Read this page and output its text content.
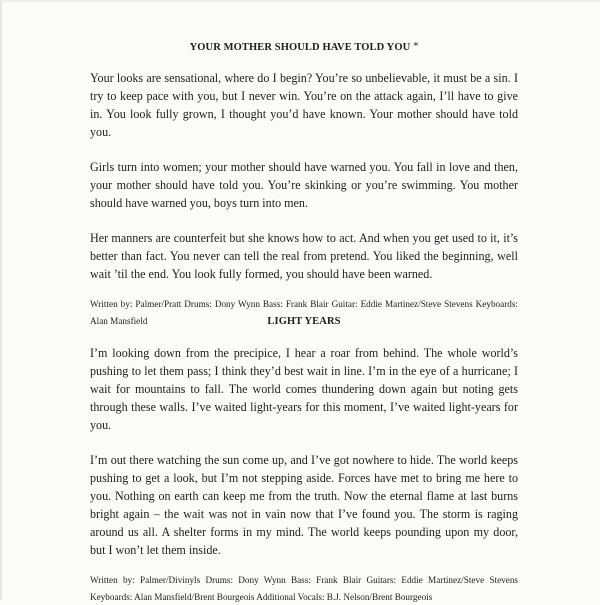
YOUR MOTHER SHOULD HAVE TOLD YOU *

Your looks are sensational, where do I begin? You’re so unbelievable, it must be a sin. I try to keep pace with you, but I never win. You’re on the attack again, I’ll have to give in. You look fully grown, I thought you’d have known. Your mother should have told you.

Girls turn into women; your mother should have warned you. You fall in love and then, your mother should have told you. You’re skinking or you’re swimming. You mother should have warned you, boys turn into men.

Her manners are counterfeit but she knows how to act. And when you get used to it, it’s better than fact. You never can tell the real from pretend. You liked the beginning, well wait ’til the end. You look fully formed, you should have been warned.

Written by: Palmer/Pratt Drums: Dony Wynn Bass: Frank Blair Guitar: Eddie Martinez/Steve Stevens Keyboards: Alan Mansfield	LIGHT YEARS

I’m looking down from the precipice, I hear a roar from behind. The whole world’s pushing to let them pass; I think they’d best wait in line. I’m in the eye of a hurricane; I wait for mountains to fall. The world comes thundering down again but noting gets through these walls. I’ve waited light-years for this moment, I’ve waited light-years for you.

I’m out there watching the sun come up, and I’ve got nowhere to hide. The world keeps pushing to get a look, but I’m not stepping aside. Forces have met to bring me here to you. Nothing on earth can keep me from the truth. Now the eternal flame at last burns bright again – the wait was not in vain now that I’ve found you. The storm is raging around us all. A shelter forms in my mind. The world keeps pounding upon my door, but I won’t let them inside.

Written by: Palmer/Divinyls Drums: Dony Wynn Bass: Frank Blair Guitars: Eddie Martinez/Steve Stevens Keyboards: Alan Mansfield/Brent Bourgeois Additional Vocals: B.J. Nelson/Brent Bourgeois
